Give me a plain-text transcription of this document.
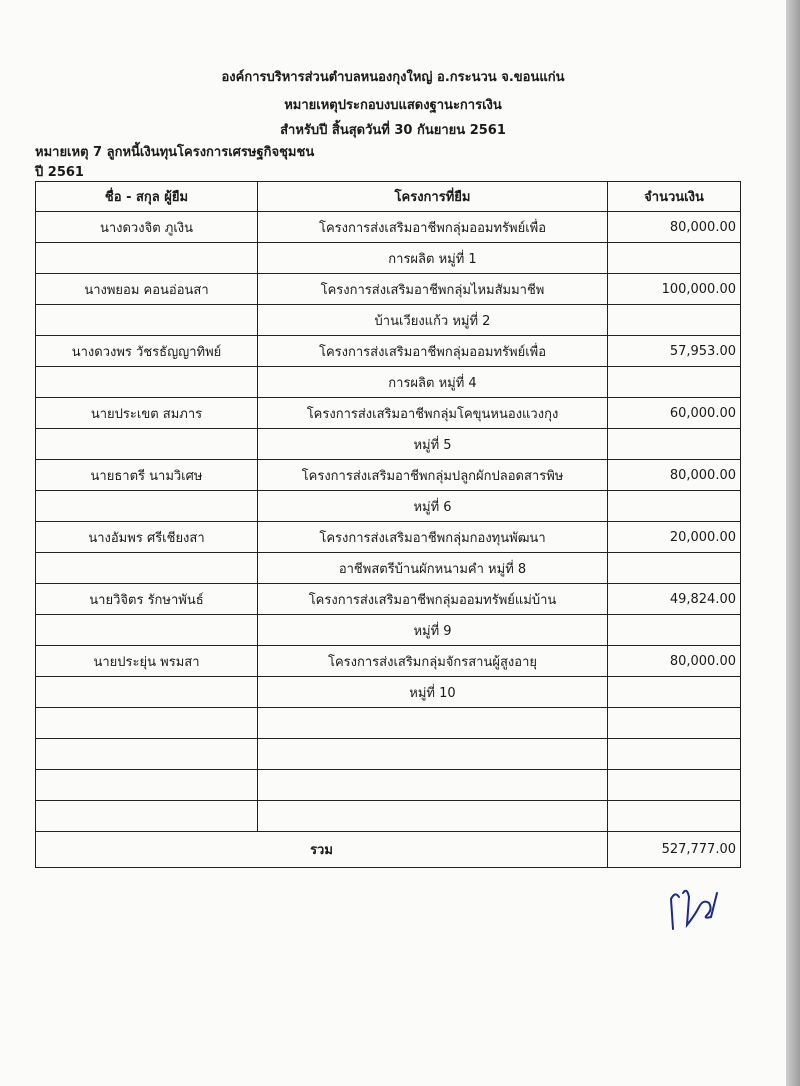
องค์การบริหารส่วนตำบลหนองกุงใหญ่ อ.กระนวน จ.ขอนแก่น
หมายเหตุประกอบงบแสดงฐานะการเงิน
สำหรับปี สิ้นสุดวันที่ 30 กันยายน 2561
หมายเหตุ 7 ลูกหนี้เงินทุนโครงการเศรษฐกิจชุมชน
ปี 2561
ชื่อ - สกุล ผู้ยืม	โครงการที่ยืม	จำนวนเงิน
นางดวงจิต ภูเงิน	โครงการส่งเสริมอาชีพกลุ่มออมทรัพย์เพื่อ	80,000.00
	การผลิต หมู่ที่ 1	
นางพยอม คอนอ่อนสา	โครงการส่งเสริมอาชีพกลุ่มไหมสัมมาชีพ	100,000.00
	บ้านเวียงแก้ว หมู่ที่ 2	
นางดวงพร วัชรธัญญาทิพย์	โครงการส่งเสริมอาชีพกลุ่มออมทรัพย์เพื่อ	57,953.00
	การผลิต หมู่ที่ 4	
นายประเขต สมภาร	โครงการส่งเสริมอาชีพกลุ่มโคขุนหนองแวงกุง	60,000.00
	หมู่ที่ 5	
นายธาตรี นามวิเศษ	โครงการส่งเสริมอาชีพกลุ่มปลูกผักปลอดสารพิษ	80,000.00
	หมู่ที่ 6	
นางอัมพร ศรีเชียงสา	โครงการส่งเสริมอาชีพกลุ่มกองทุนพัฒนา	20,000.00
	อาชีพสตรีบ้านผักหนามคำ หมู่ที่ 8	
นายวิจิตร รักษาพันธ์	โครงการส่งเสริมอาชีพกลุ่มออมทรัพย์แม่บ้าน	49,824.00
	หมู่ที่ 9	
นายประยุ่น พรมสา	โครงการส่งเสริมกลุ่มจักรสานผู้สูงอายุ	80,000.00
	หมู่ที่ 10	

รวม		527,777.00
